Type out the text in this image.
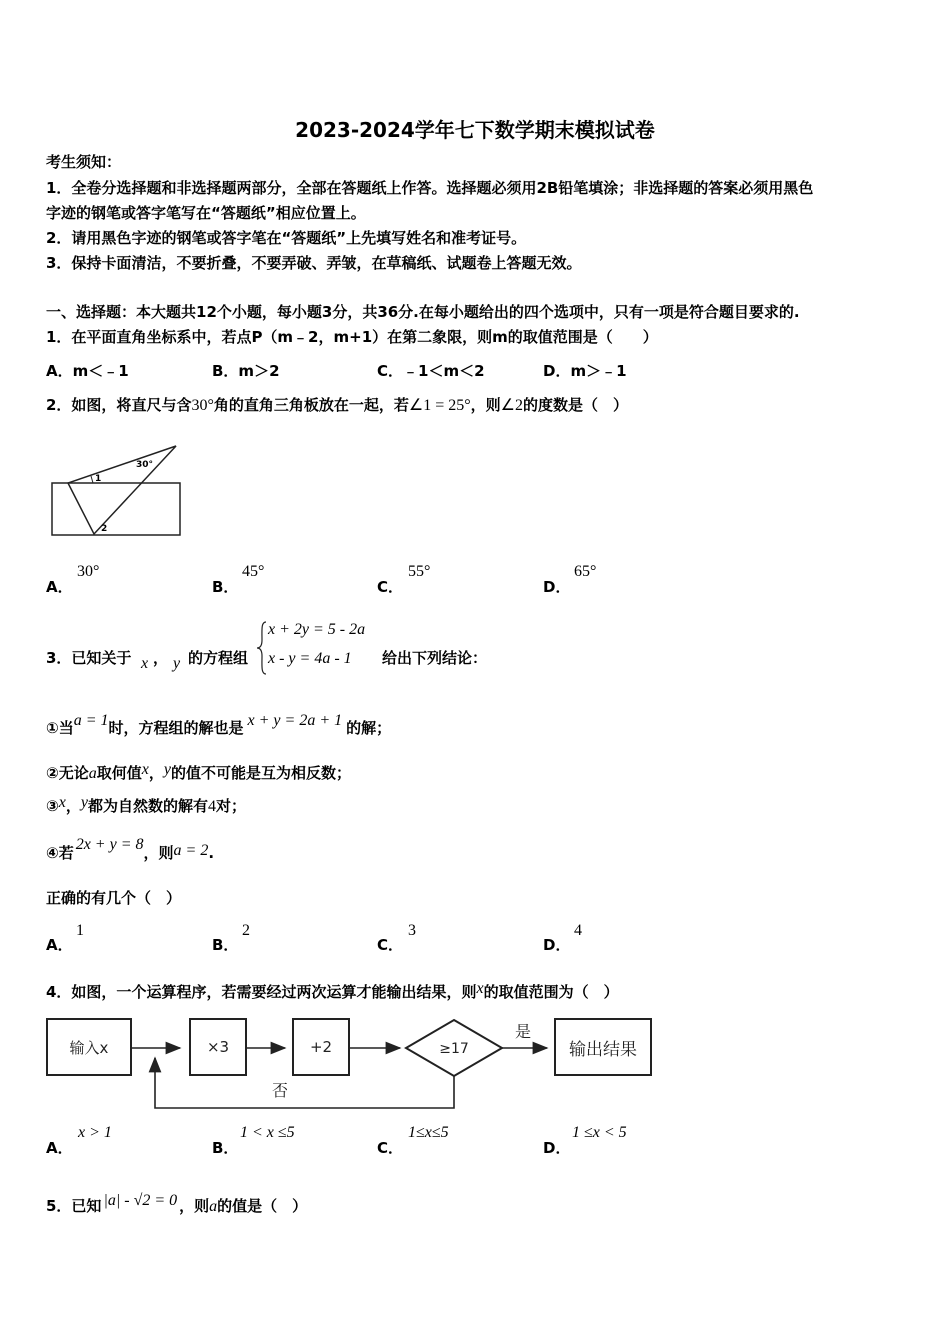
2023-2024学年七下数学期末模拟试卷
考生须知：
1．全卷分选择题和非选择题两部分，全部在答题纸上作答。选择题必须用2B铅笔填涂；非选择题的答案必须用黑色
字迹的钢笔或答字笔写在“答题纸”相应位置上。
2．请用黑色字迹的钢笔或答字笔在“答题纸”上先填写姓名和准考证号。
3．保持卡面清洁，不要折叠，不要弄破、弄皱，在草稿纸、试题卷上答题无效。
一、选择题：本大题共12个小题，每小题3分，共36分.在每小题给出的四个选项中，只有一项是符合题目要求的.
1．在平面直角坐标系中，若点P（m﹣2，m+1）在第二象限，则m的取值范围是（　　）
A．m＜﹣1	B．m＞2	C．﹣1＜m＜2	D．m＞﹣1
2．如图，将直尺与含30°角的直角三角板放在一起，若∠1 = 25°，则∠2的度数是（　）
30°
1
2
A．
30°
B．
45°
C．
55°
D．
65°
3．已知关于 x ， y 的方程组
x + 2y = 5 - 2a
x - y = 4a - 1 给出下列结论：
①当a = 1时，方程组的解也是 x + y = 2a + 1 的解；
②无论a取何值x，y的值不可能是互为相反数；
③x，y都为自然数的解有4对；
④若 2x + y = 8，则a = 2.
正确的有几个（　）
A．
1
B．
2
C．
3
D．
4
4．如图，一个运算程序，若需要经过两次运算才能输出结果，则x的取值范围为（　）
输入x	×3	+2	输出结果
≥17
是
否
A．
x > 1
B．
1 < x ≤5
C．
1≤x≤5
D．
1 ≤x < 5
5．已知 |a| - √2 = 0 ，则a的值是（　）
